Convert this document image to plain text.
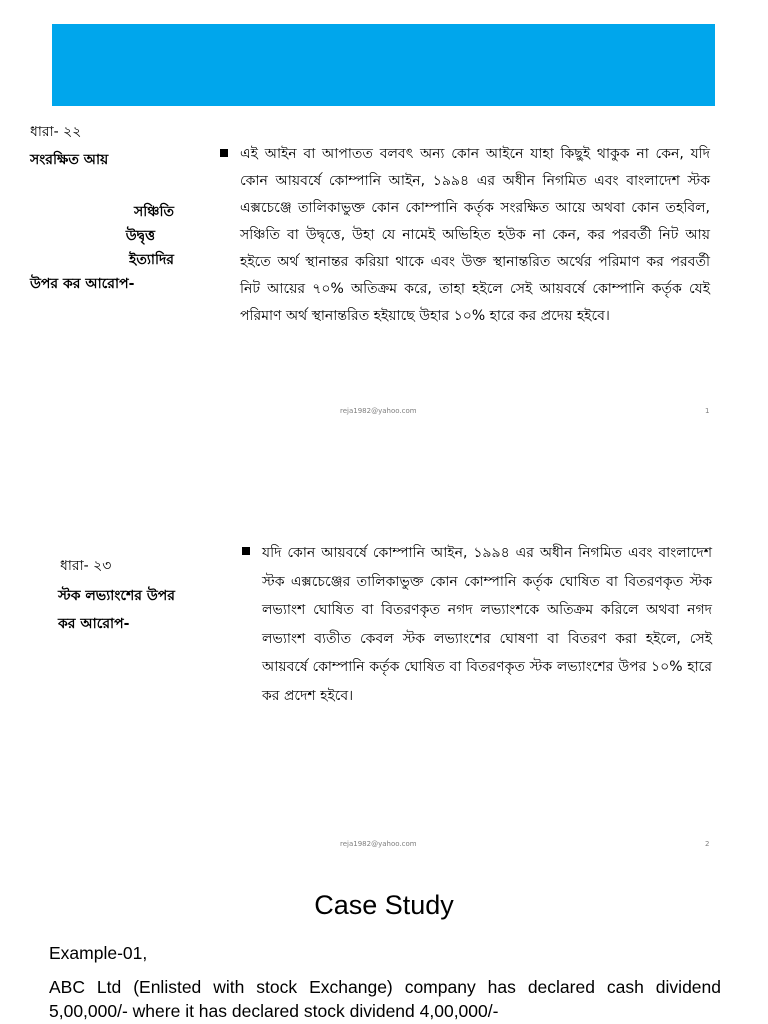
ধারা- ২২
সংরক্ষিত আয়
সঞ্চিতি
উদ্বৃত্ত
ইত্যাদির
উপর কর আরোপ-
এই আইন বা আপাতত বলবৎ অন্য কোন আইনে যাহা কিছুই থাকুক না কেন, যদি কোন আয়বর্ষে কোম্পানি আইন, ১৯৯৪ এর অধীন নিগমিত এবং বাংলাদেশ স্টক এক্সচেঞ্জে তালিকাভুক্ত কোন কোম্পানি কর্তৃক সংরক্ষিত আয়ে অথবা কোন তহবিল, সঞ্চিতি বা উদ্বৃত্তে, উহা যে নামেই অভিহিত হউক না কেন, কর পরবর্তী নিট আয় হইতে অর্থ স্থানান্তর করিয়া থাকে এবং উক্ত স্থানান্তরিত অর্থের পরিমাণ কর পরবর্তী নিট আয়ের ৭০% অতিক্রম করে, তাহা হইলে সেই আয়বর্ষে কোম্পানি কর্তৃক যেই পরিমাণ অর্থ স্থানান্তরিত হইয়াছে উহার ১০% হারে কর প্রদেয় হইবে।
reja1982@yahoo.com	1
ধারা- ২৩
স্টক লভ্যাংশের উপর
কর আরোপ-
যদি কোন আয়বর্ষে কোম্পানি আইন, ১৯৯৪ এর অধীন নিগমিত এবং বাংলাদেশ স্টক এক্সচেঞ্জের তালিকাভুক্ত কোন কোম্পানি কর্তৃক ঘোষিত বা বিতরণকৃত স্টক লভ্যাংশ ঘোষিত বা বিতরণকৃত নগদ লভ্যাংশকে অতিক্রম করিলে অথবা নগদ লভ্যাংশ ব্যতীত কেবল স্টক লভ্যাংশের ঘোষণা বা বিতরণ করা হইলে, সেই আয়বর্ষে কোম্পানি কর্তৃক ঘোষিত বা বিতরণকৃত স্টক লভ্যাংশের উপর ১০% হারে কর প্রদেশ হইবে।
reja1982@yahoo.com	2
Case Study
Example-01,
ABC Ltd (Enlisted with stock Exchange) company has declared cash dividend 5,00,000/- where it has declared stock dividend 4,00,000/-
